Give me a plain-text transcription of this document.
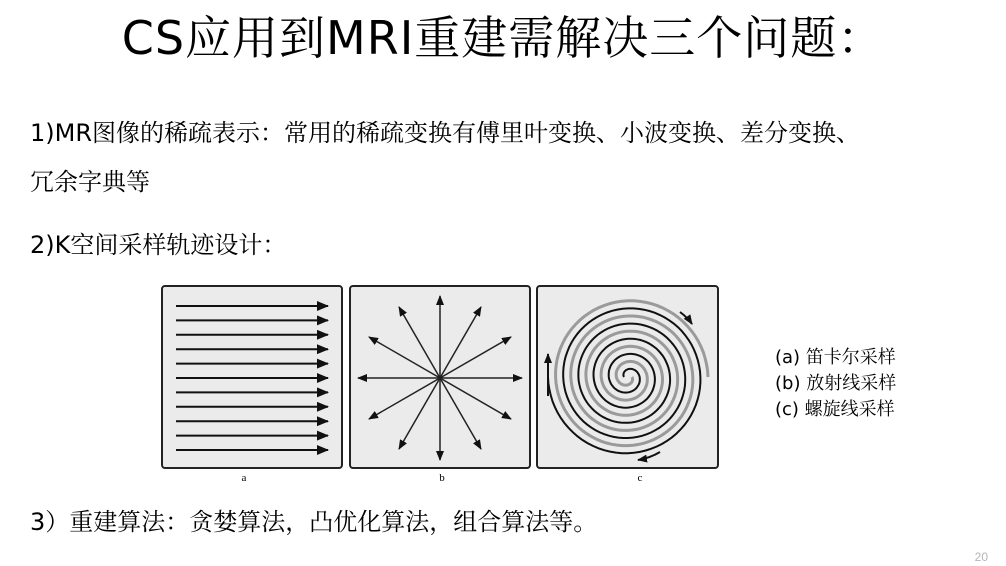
CS应用到MRI重建需解决三个问题：
1)MR图像的稀疏表示：常用的稀疏变换有傅里叶变换、小波变换、差分变换、
冗余字典等
2)K空间采样轨迹设计：
a	b	c
(a) 笛卡尔采样
(b) 放射线采样
(c) 螺旋线采样
3）重建算法：贪婪算法，凸优化算法，组合算法等。
20
